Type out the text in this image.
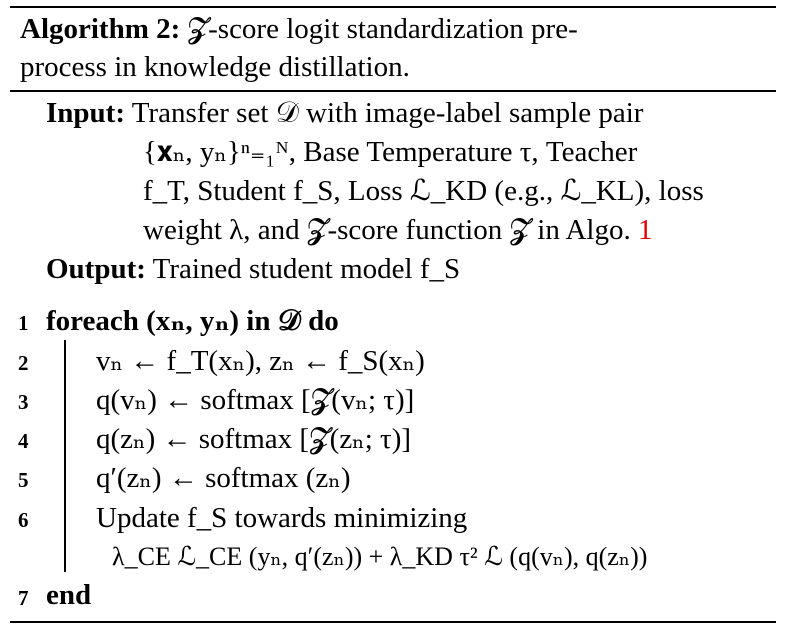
Algorithm 2: 𝓩-score logit standardization pre-
process in knowledge distillation.
Input: Transfer set 𝒟 with image-label sample pair
{𝐱ₙ, yₙ}ⁿ₌₁ᴺ, Base Temperature τ, Teacher
f_T, Student f_S, Loss ℒ_KD (e.g., ℒ_KL), loss
weight λ, and 𝓩-score function 𝓩 in Algo. 1
Output: Trained student model f_S
1 foreach (xₙ, yₙ) in 𝒟 do
2	vₙ ← f_T(xₙ), zₙ ← f_S(xₙ)
3	q(vₙ) ← softmax [𝓩(vₙ; τ)]
4	q(zₙ) ← softmax [𝓩(zₙ; τ)]
5	q′(zₙ) ← softmax (zₙ)
6	Update f_S towards minimizing
λ_CE ℒ_CE (yₙ, q′(zₙ)) + λ_KD τ² ℒ (q(vₙ), q(zₙ))
7 end
